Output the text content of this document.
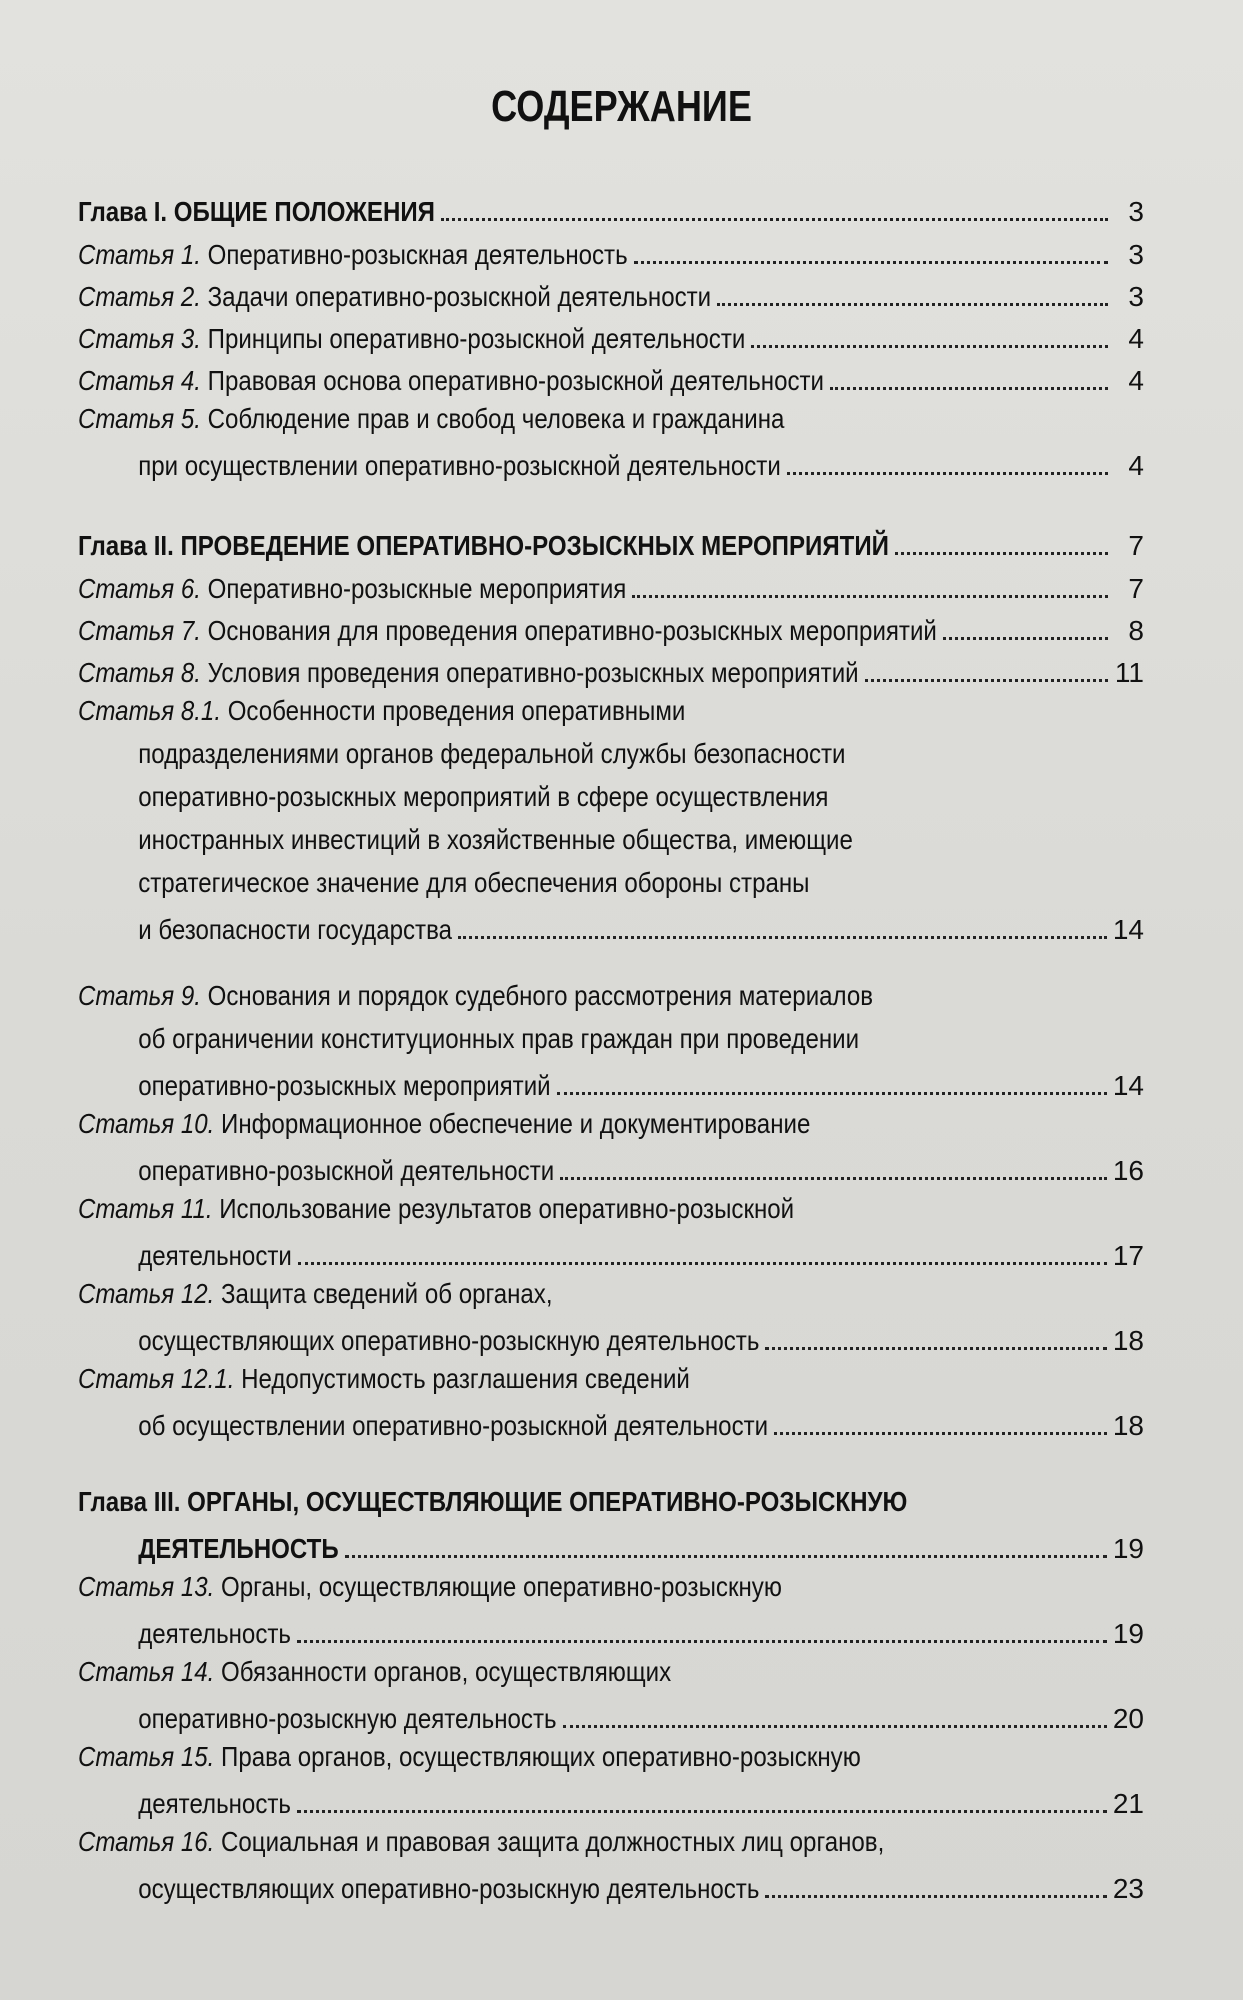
СОДЕРЖАНИЕ
Глава I. ОБЩИЕ ПОЛОЖЕНИЯ	3
Статья 1. Оперативно-розыскная деятельность	3
Статья 2. Задачи оперативно-розыскной деятельности	3
Статья 3. Принципы оперативно-розыскной деятельности	4
Статья 4. Правовая основа оперативно-розыскной деятельности	4
Статья 5. Соблюдение прав и свобод человека и гражданина
при осуществлении оперативно-розыскной деятельности	4
Глава II. ПРОВЕДЕНИЕ ОПЕРАТИВНО-РОЗЫСКНЫХ МЕРОПРИЯТИЙ	7
Статья 6. Оперативно-розыскные мероприятия	7
Статья 7. Основания для проведения оперативно-розыскных мероприятий	8
Статья 8. Условия проведения оперативно-розыскных мероприятий	11
Статья 8.1. Особенности проведения оперативными
подразделениями органов федеральной службы безопасности
оперативно-розыскных мероприятий в сфере осуществления
иностранных инвестиций в хозяйственные общества, имеющие
стратегическое значение для обеспечения обороны страны
и безопасности государства	14
Статья 9. Основания и порядок судебного рассмотрения материалов
об ограничении конституционных прав граждан при проведении
оперативно-розыскных мероприятий	14
Статья 10. Информационное обеспечение и документирование
оперативно-розыскной деятельности	16
Статья 11. Использование результатов оперативно-розыскной
деятельности	17
Статья 12. Защита сведений об органах,
осуществляющих оперативно-розыскную деятельность	18
Статья 12.1. Недопустимость разглашения сведений
об осуществлении оперативно-розыскной деятельности	18
Глава III. ОРГАНЫ, ОСУЩЕСТВЛЯЮЩИЕ ОПЕРАТИВНО-РОЗЫСКНУЮ
ДЕЯТЕЛЬНОСТЬ	19
Статья 13. Органы, осуществляющие оперативно-розыскную
деятельность	19
Статья 14. Обязанности органов, осуществляющих
оперативно-розыскную деятельность	20
Статья 15. Права органов, осуществляющих оперативно-розыскную
деятельность	21
Статья 16. Социальная и правовая защита должностных лиц органов,
осуществляющих оперативно-розыскную деятельность	23
